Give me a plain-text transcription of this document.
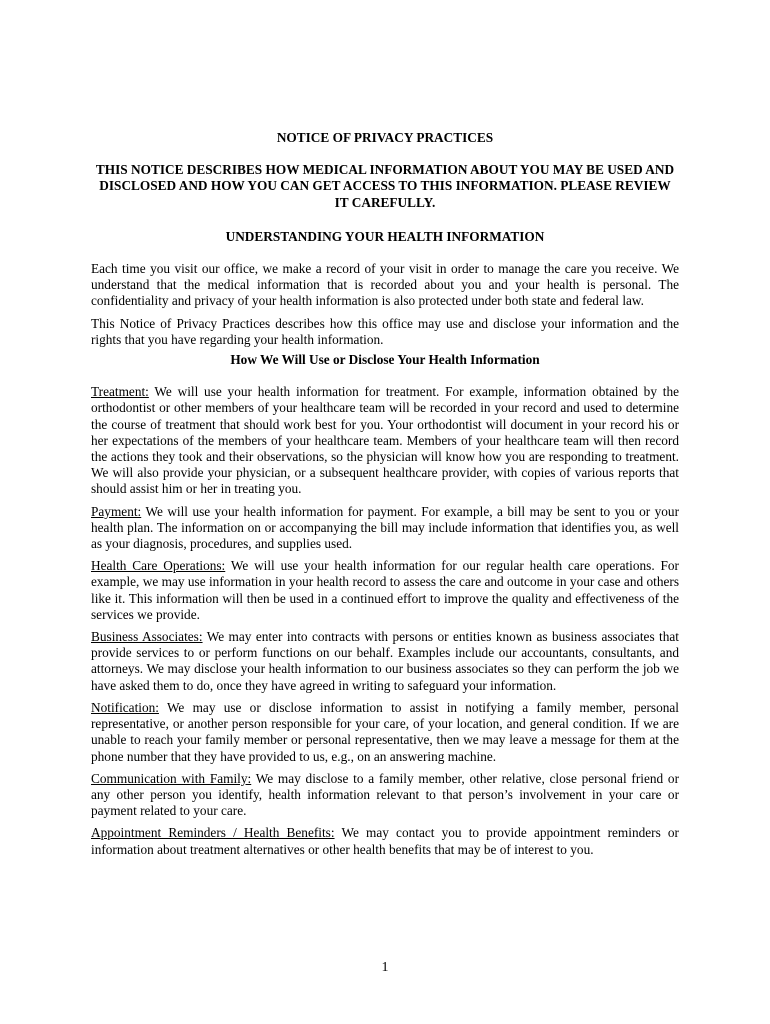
NOTICE OF PRIVACY PRACTICES
THIS NOTICE DESCRIBES HOW MEDICAL INFORMATION ABOUT YOU MAY BE USED AND DISCLOSED AND HOW YOU CAN GET ACCESS TO THIS INFORMATION. PLEASE REVIEW IT CAREFULLY.
UNDERSTANDING YOUR HEALTH INFORMATION

Each time you visit our office, we make a record of your visit in order to manage the care you receive. We understand that the medical information that is recorded about you and your health is personal. The confidentiality and privacy of your health information is also protected under both state and federal law.

This Notice of Privacy Practices describes how this office may use and disclose your information and the rights that you have regarding your health information.

How We Will Use or Disclose Your Health Information

Treatment: We will use your health information for treatment. For example, information obtained by the orthodontist or other members of your healthcare team will be recorded in your record and used to determine the course of treatment that should work best for you. Your orthodontist will document in your record his or her expectations of the members of your healthcare team. Members of your healthcare team will then record the actions they took and their observations, so the physician will know how you are responding to treatment. We will also provide your physician, or a subsequent healthcare provider, with copies of various reports that should assist him or her in treating you.

Payment: We will use your health information for payment. For example, a bill may be sent to you or your health plan. The information on or accompanying the bill may include information that identifies you, as well as your diagnosis, procedures, and supplies used.

Health Care Operations: We will use your health information for our regular health care operations. For example, we may use information in your health record to assess the care and outcome in your case and others like it. This information will then be used in a continued effort to improve the quality and effectiveness of the services we provide.

Business Associates: We may enter into contracts with persons or entities known as business associates that provide services to or perform functions on our behalf. Examples include our accountants, consultants, and attorneys. We may disclose your health information to our business associates so they can perform the job we have asked them to do, once they have agreed in writing to safeguard your information.

Notification: We may use or disclose information to assist in notifying a family member, personal representative, or another person responsible for your care, of your location, and general condition. If we are unable to reach your family member or personal representative, then we may leave a message for them at the phone number that they have provided to us, e.g., on an answering machine.

Communication with Family: We may disclose to a family member, other relative, close personal friend or any other person you identify, health information relevant to that person’s involvement in your care or payment related to your care.

Appointment Reminders / Health Benefits: We may contact you to provide appointment reminders or information about treatment alternatives or other health benefits that may be of interest to you.

1
